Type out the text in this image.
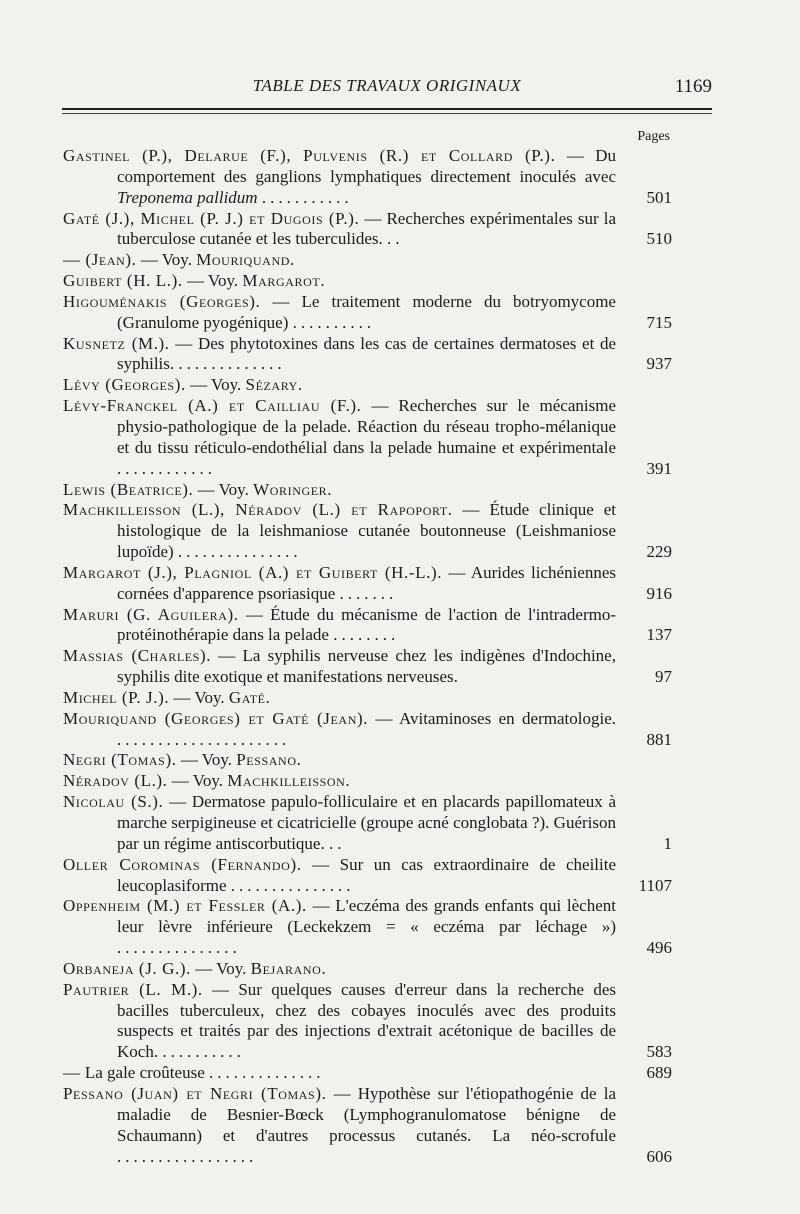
TABLE DES TRAVAUX ORIGINAUX	1169
Pages
Gastinel (P.), Delarue (F.), Pulvenis (R.) et Collard (P.). — Du comportement des ganglions lymphatiques directement inoculés avec Treponema pallidum ...........	501
Gaté (J.), Michel (P. J.) et Dugois (P.). — Recherches expérimentales sur la tuberculose cutanée et les tuberculides. ..	510
— (Jean). — Voy. Mouriquand.
Guibert (H. L.). — Voy. Margarot.
Higouménakis (Georges). — Le traitement moderne du botryomycome (Granulome pyogénique) ..........	715
Kusnetz (M.). — Des phytotoxines dans les cas de certaines dermatoses et de syphilis. .............	937
Lévy (Georges). — Voy. Sézary.
Lévy-Franckel (A.) et Cailliau (F.). — Recherches sur le mécanisme physio-pathologique de la pelade. Réaction du réseau tropho-mélanique et du tissu réticulo-endothélial dans la pelade humaine et expérimentale ............	391
Lewis (Beatrice). — Voy. Woringer.
Machkilleisson (L.), Néradov (L.) et Rapoport. — Étude clinique et histologique de la leishmaniose cutanée boutonneuse (Leishmaniose lupoïde) ...............	229
Margarot (J.), Plagniol (A.) et Guibert (H.-L.). — Aurides lichéniennes cornées d'apparence psoriasique .......	916
Maruri (G. Aguilera). — Étude du mécanisme de l'action de l'intradermo-protéinothérapie dans la pelade ........	137
Massias (Charles). — La syphilis nerveuse chez les indigènes d'Indochine, syphilis dite exotique et manifestations nerveuses.	97
Michel (P. J.). — Voy. Gaté.
Mouriquand (Georges) et Gaté (Jean). — Avitaminoses en dermatologie. .....................	881
Negri (Tomas). — Voy. Pessano.
Néradov (L.). — Voy. Machkilleisson.
Nicolau (S.). — Dermatose papulo-folliculaire et en placards papillomateux à marche serpigineuse et cicatricielle (groupe acné conglobata ?). Guérison par un régime antiscorbutique. ..	1
Oller Corominas (Fernando). — Sur un cas extraordinaire de cheilite leucoplasiforme ...............	1107
Oppenheim (M.) et Fessler (A.). — L'eczéma des grands enfants qui lèchent leur lèvre inférieure (Leckekzem = « eczéma par léchage ») ...............	496
Orbaneja (J. G.). — Voy. Bejarano.
Pautrier (L. M.). — Sur quelques causes d'erreur dans la recherche des bacilles tuberculeux, chez des cobayes inoculés avec des produits suspects et traités par des injections d'extrait acétonique de bacilles de Koch. ..........	583
— La gale croûteuse ..............	689
Pessano (Juan) et Negri (Tomas). — Hypothèse sur l'étiopathogénie de la maladie de Besnier-Bœck (Lymphogranulomatose bénigne de Schaumann) et d'autres processus cutanés. La néo-scrofule .................	606
